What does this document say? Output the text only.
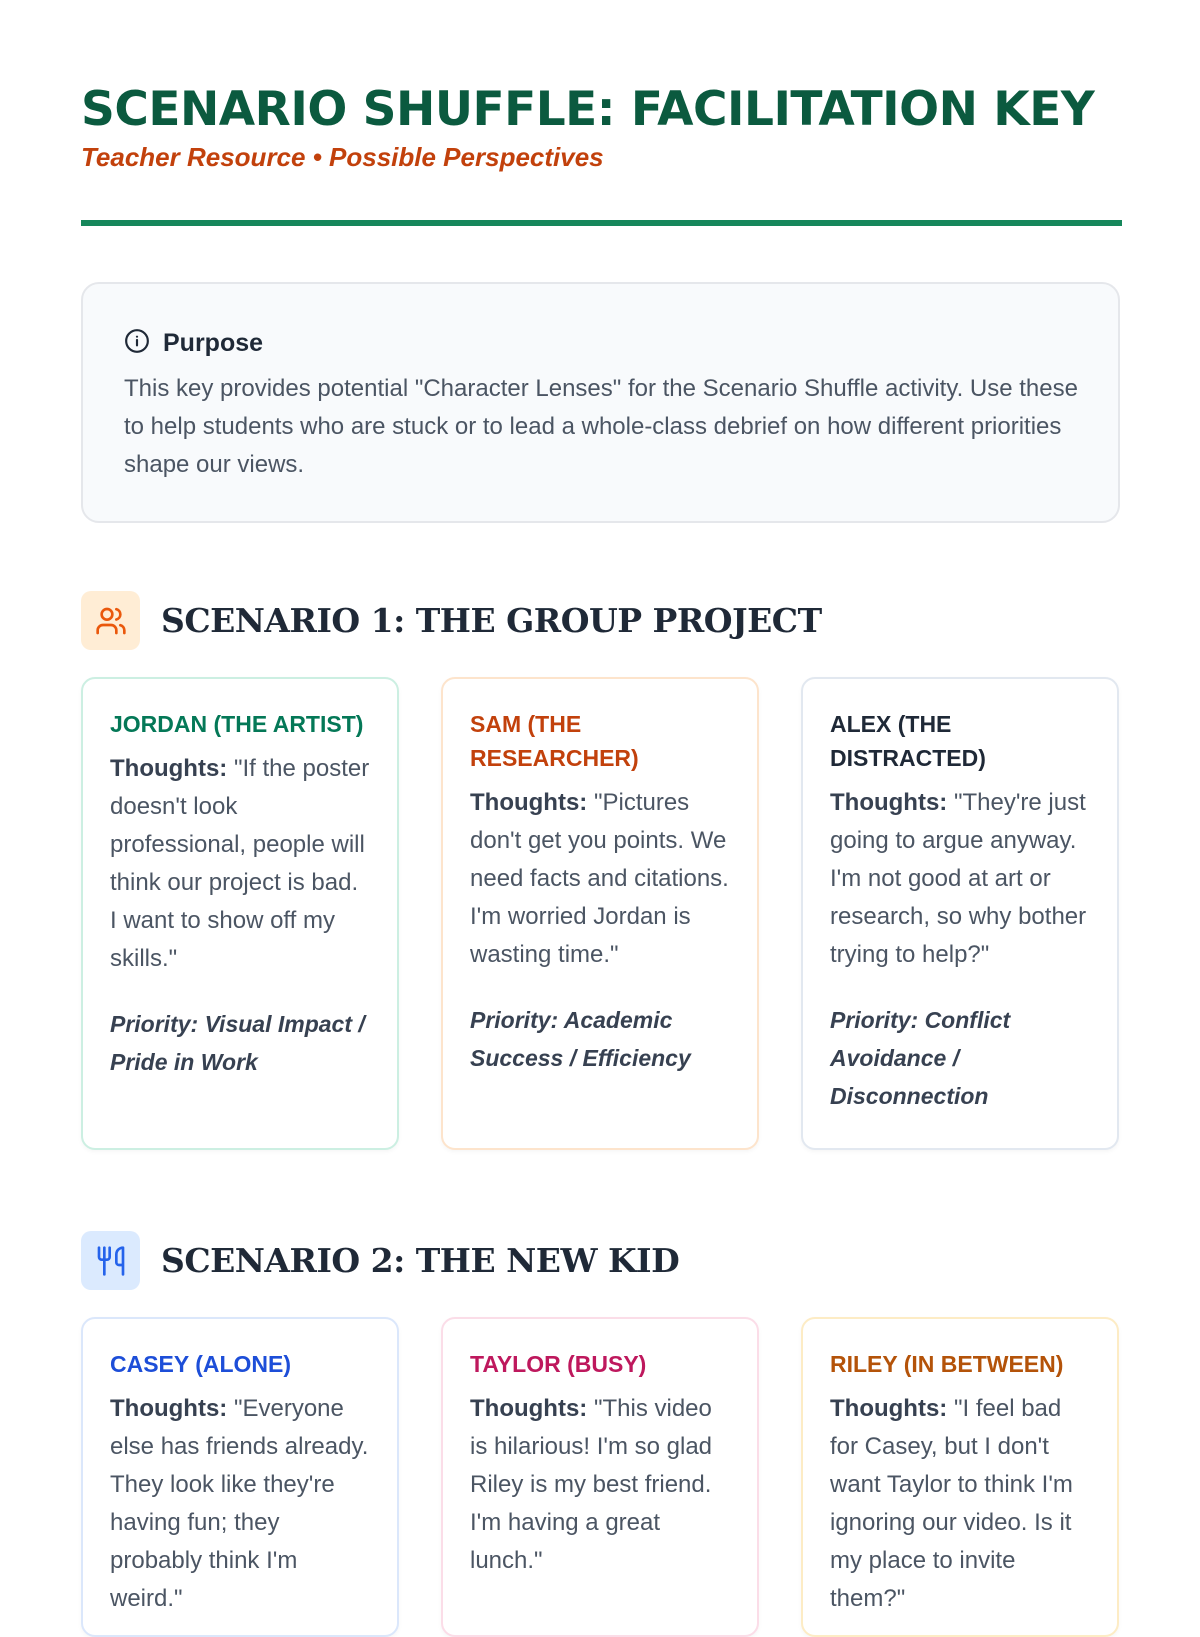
SCENARIO SHUFFLE: FACILITATION KEY
Teacher Resource • Possible Perspectives
Purpose
This key provides potential "Character Lenses" for the Scenario Shuffle activity. Use these to help students who are stuck or to lead a whole-class debrief on how different priorities shape our views.
SCENARIO 1: THE GROUP PROJECT
JORDAN (THE ARTIST)
Thoughts: "If the poster doesn't look professional, people will think our project is bad. I want to show off my skills."
Priority: Visual Impact / Pride in Work
SAM (THE RESEARCHER)
Thoughts: "Pictures don't get you points. We need facts and citations. I'm worried Jordan is wasting time."
Priority: Academic Success / Efficiency
ALEX (THE DISTRACTED)
Thoughts: "They're just going to argue anyway. I'm not good at art or research, so why bother trying to help?"
Priority: Conflict Avoidance / Disconnection
SCENARIO 2: THE NEW KID
CASEY (ALONE)
Thoughts: "Everyone else has friends already. They look like they're having fun; they probably think I'm weird."
TAYLOR (BUSY)
Thoughts: "This video is hilarious! I'm so glad Riley is my best friend. I'm having a great lunch."
RILEY (IN BETWEEN)
Thoughts: "I feel bad for Casey, but I don't want Taylor to think I'm ignoring our video. Is it my place to invite them?"
